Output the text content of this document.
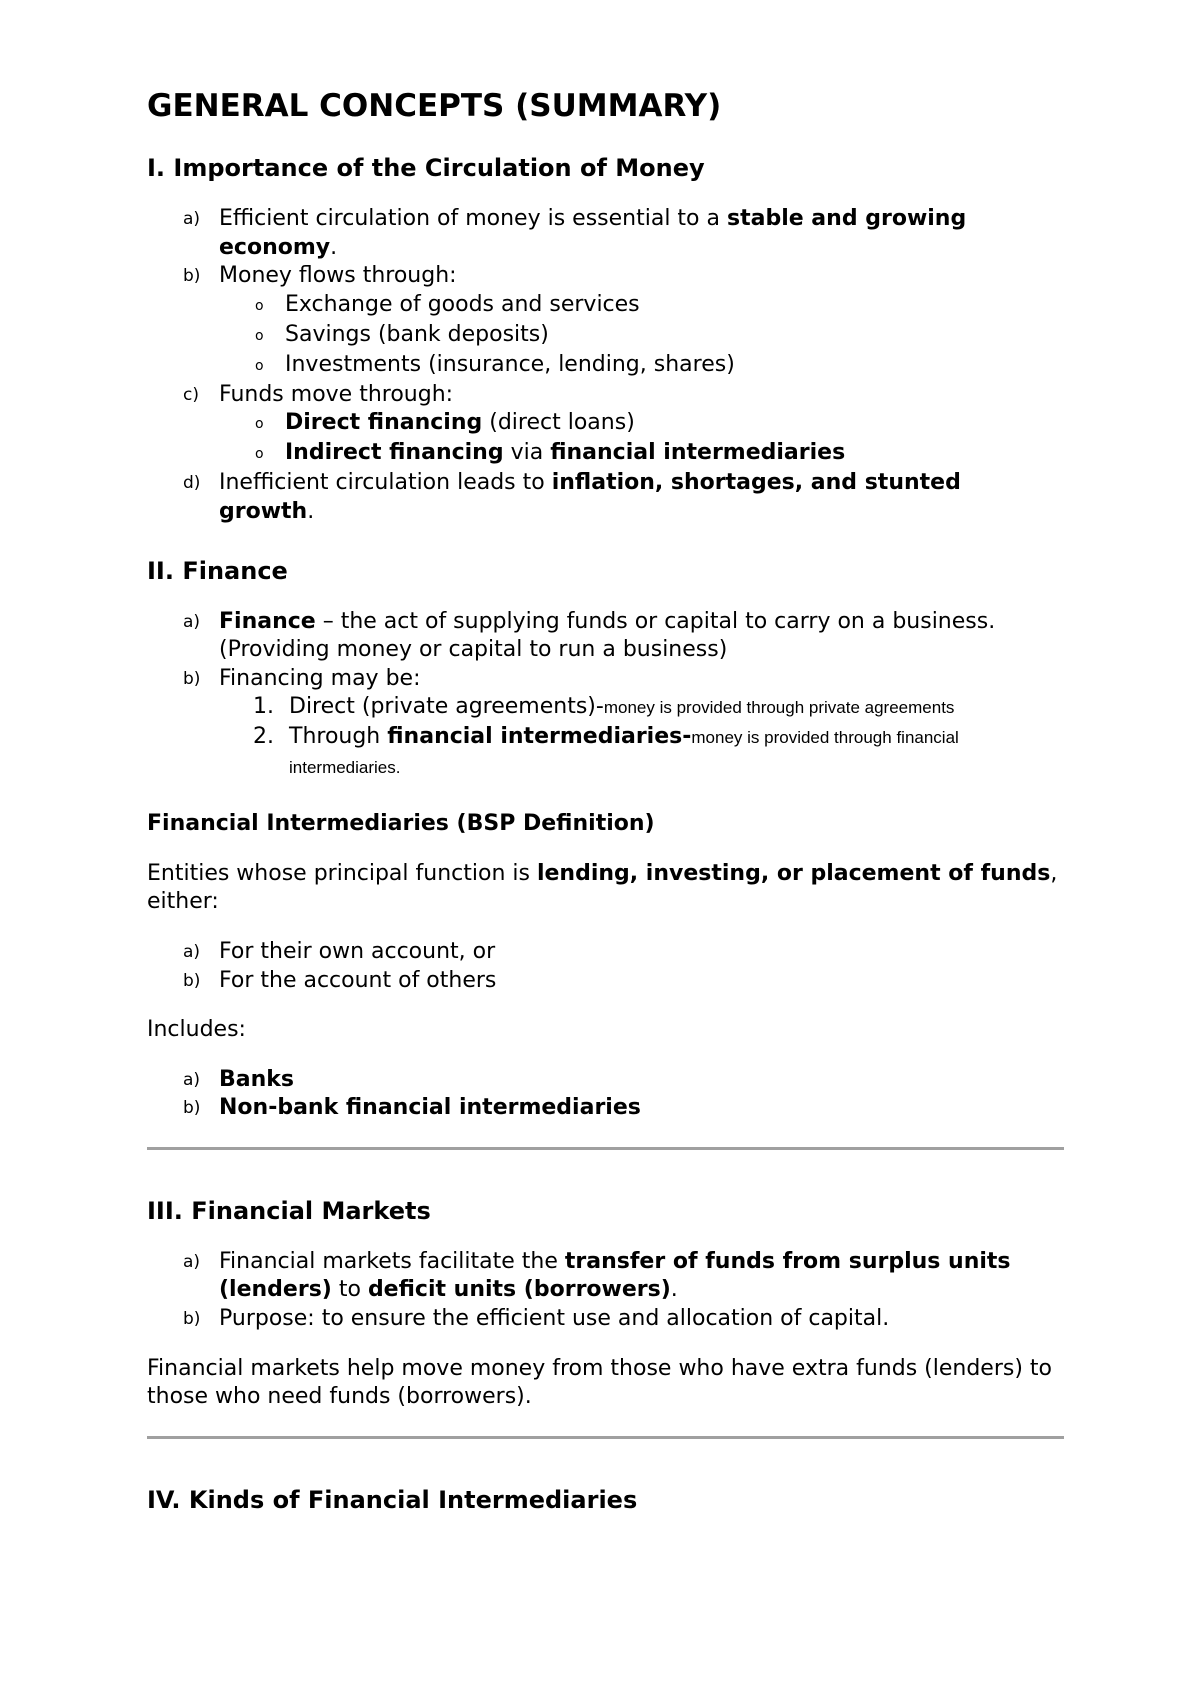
GENERAL CONCEPTS (SUMMARY)
I. Importance of the Circulation of Money
a) Efficient circulation of money is essential to a stable and growing economy.
b) Money flows through:
o Exchange of goods and services
o Savings (bank deposits)
o Investments (insurance, lending, shares)
c) Funds move through:
o Direct financing (direct loans)
o Indirect financing via financial intermediaries
d) Inefficient circulation leads to inflation, shortages, and stunted growth.
II. Finance
a) Finance – the act of supplying funds or capital to carry on a business. (Providing money or capital to run a business)
b) Financing may be:
1. Direct (private agreements)-money is provided through private agreements
2. Through financial intermediaries-money is provided through financial intermediaries.

Financial Intermediaries (BSP Definition)

Entities whose principal function is lending, investing, or placement of funds, either:

a) For their own account, or
b) For the account of others

Includes:

a) Banks
b) Non-bank financial intermediaries
III. Financial Markets
a) Financial markets facilitate the transfer of funds from surplus units (lenders) to deficit units (borrowers).
b) Purpose: to ensure the efficient use and allocation of capital.

Financial markets help move money from those who have extra funds (lenders) to those who need funds (borrowers).

IV. Kinds of Financial Intermediaries
